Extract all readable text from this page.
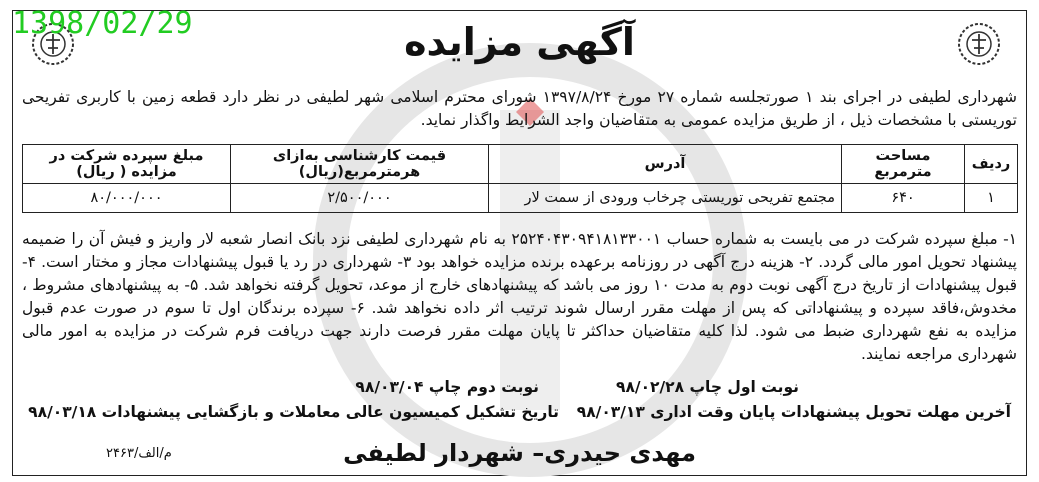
1398/02/29	آگهی مزایده
شهرداری لطیفی در اجرای بند ۱ صورتجلسه شماره ۲۷ مورخ ۱۳۹۷/۸/۲۴ شورای محترم اسلامی شهر لطیفی در نظر دارد قطعه زمین با کاربری تفریحی توریستی با مشخصات ذیل ، از طریق مزایده عمومی به متقاضیان واجد الشرایط واگذار نماید.
ردیف	مساحت مترمربع	آدرس	قیمت کارشناسی به‌ازای هرمترمربع(ریال)	مبلغ سپرده شرکت در مزایده ( ریال)
۱	۶۴۰	مجتمع تفریحی توریستی چرخاب ورودی از سمت لار	۲/۵۰۰/۰۰۰	۸۰/۰۰۰/۰۰۰
۱- مبلغ سپرده شرکت در می بایست به شماره حساب ۲۵۲۴۰۴۳۰۹۴۱۸۱۳۳۰۰۱ به نام شهرداری لطیفی نزد بانک انصار شعبه لار واریز و فیش آن را ضمیمه پیشنهاد تحویل امور مالی گردد. ۲- هزینه درج آگهی در روزنامه برعهده برنده مزایده خواهد بود ۳- شهرداری در رد یا قبول پیشنهادات مجاز و مختار است. ۴- قبول پیشنهادات از تاریخ درج آگهی نوبت دوم به مدت ۱۰ روز می باشد که پیشنهادهای خارج از موعد، تحویل گرفته نخواهد شد. ۵- به پیشنهادهای مشروط ، مخدوش،فاقد سپرده و پیشنهاداتی که پس از مهلت مقرر ارسال شوند ترتیب اثر داده نخواهد شد. ۶- سپرده برندگان اول تا سوم در صورت عدم قبول مزایده به نفع شهرداری ضبط می شود. لذا کلیه متقاضیان حداکثر تا پایان مهلت مقرر فرصت دارند جهت دریافت فرم شرکت در مزایده به امور مالی شهرداری مراجعه نمایند.
نوبت اول چاپ ۹۸/۰۲/۲۸
نوبت دوم چاپ ۹۸/۰۳/۰۴
آخرین مهلت تحویل پیشنهادات پایان وقت اداری ۹۸/۰۳/۱۳
تاریخ تشکیل کمیسیون عالی معاملات و بازگشایی پیشنهادات ۹۸/۰۳/۱۸
م/الف/۲۴۶۳	مهدی حیدری– شهردار لطیفی
